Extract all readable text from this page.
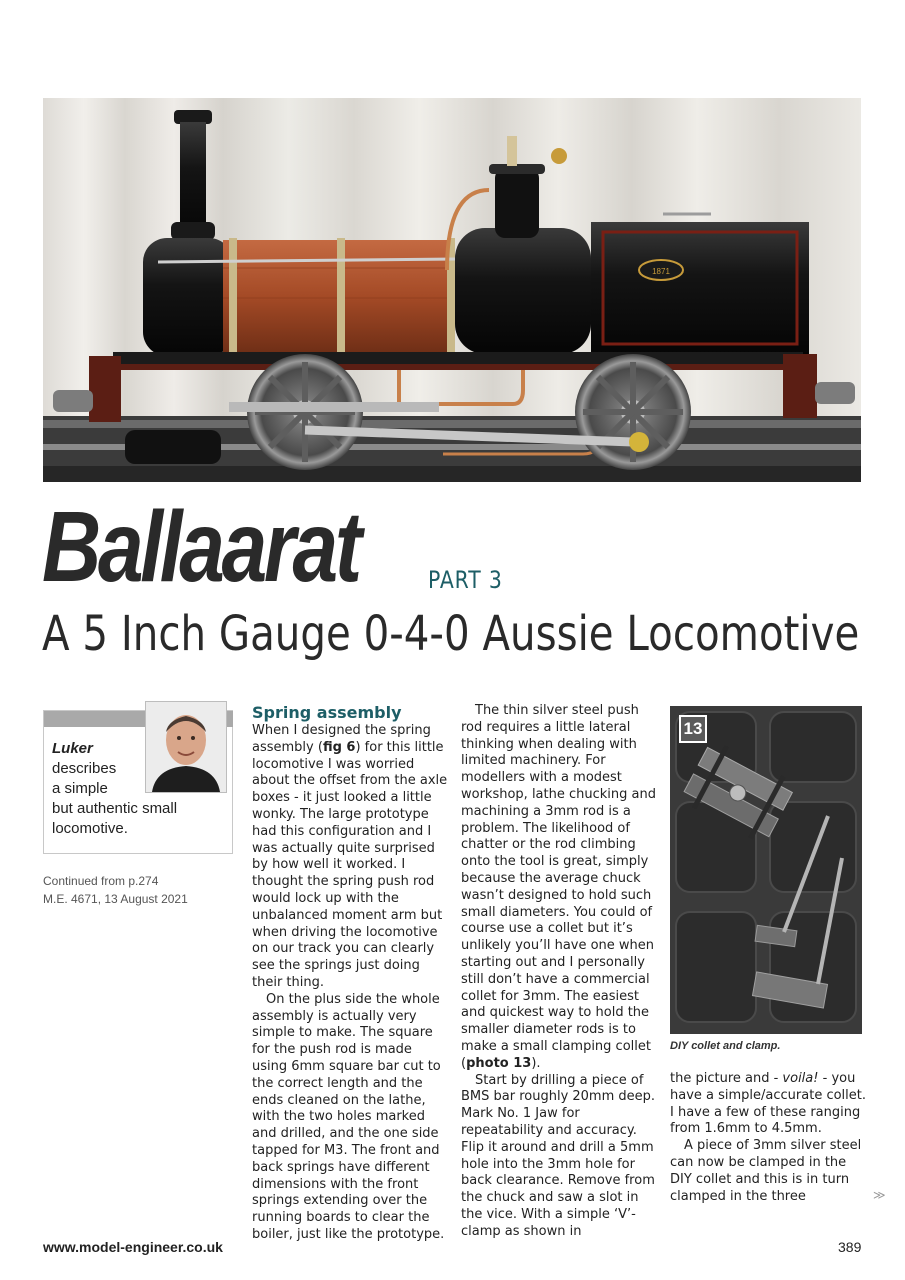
1871
Ballaarat	PART 3
A 5 Inch Gauge 0-4-0 Aussie Locomotive
Luker
describes
a simple
but authentic small
locomotive.
Continued from p.274
M.E. 4671, 13 August 2021
Spring assembly

When I designed the spring assembly (fig 6) for this little locomotive I was worried about the offset from the axle boxes - it just looked a little wonky. The large prototype had this configuration and I was actually quite surprised by how well it worked. I thought the spring push rod would lock up with the unbalanced moment arm but when driving the locomotive on our track you can clearly see the springs just doing their thing.

On the plus side the whole assembly is actually very simple to make. The square for the push rod is made using 6mm square bar cut to the correct length and the ends cleaned on the lathe, with the two holes marked and drilled, and the one side tapped for M3. The front and back springs have different dimensions with the front springs extending over the running boards to clear the boiler, just like the prototype.

The thin silver steel push rod requires a little lateral thinking when dealing with limited machinery. For modellers with a modest workshop, lathe chucking and machining a 3mm rod is a problem. The likelihood of chatter or the rod climbing onto the tool is great, simply because the average chuck wasn’t designed to hold such small diameters. You could of course use a collet but it’s unlikely you’ll have one when starting out and I personally still don’t have a commercial collet for 3mm. The easiest and quickest way to hold the smaller diameter rods is to make a small clamping collet (photo 13).

Start by drilling a piece of BMS bar roughly 20mm deep. Mark No. 1 Jaw for repeatability and accuracy. Flip it around and drill a 5mm hole into the 3mm hole for back clearance. Remove from the chuck and saw a slot in the vice. With a simple ‘V’-clamp as shown in

13
DIY collet and clamp.

the picture and - voila! - you have a simple/accurate collet. I have a few of these ranging from 1.6mm to 4.5mm.

A piece of 3mm silver steel can now be clamped in the DIY collet and this is in turn clamped in the three	≫
www.model-engineer.co.uk	389
